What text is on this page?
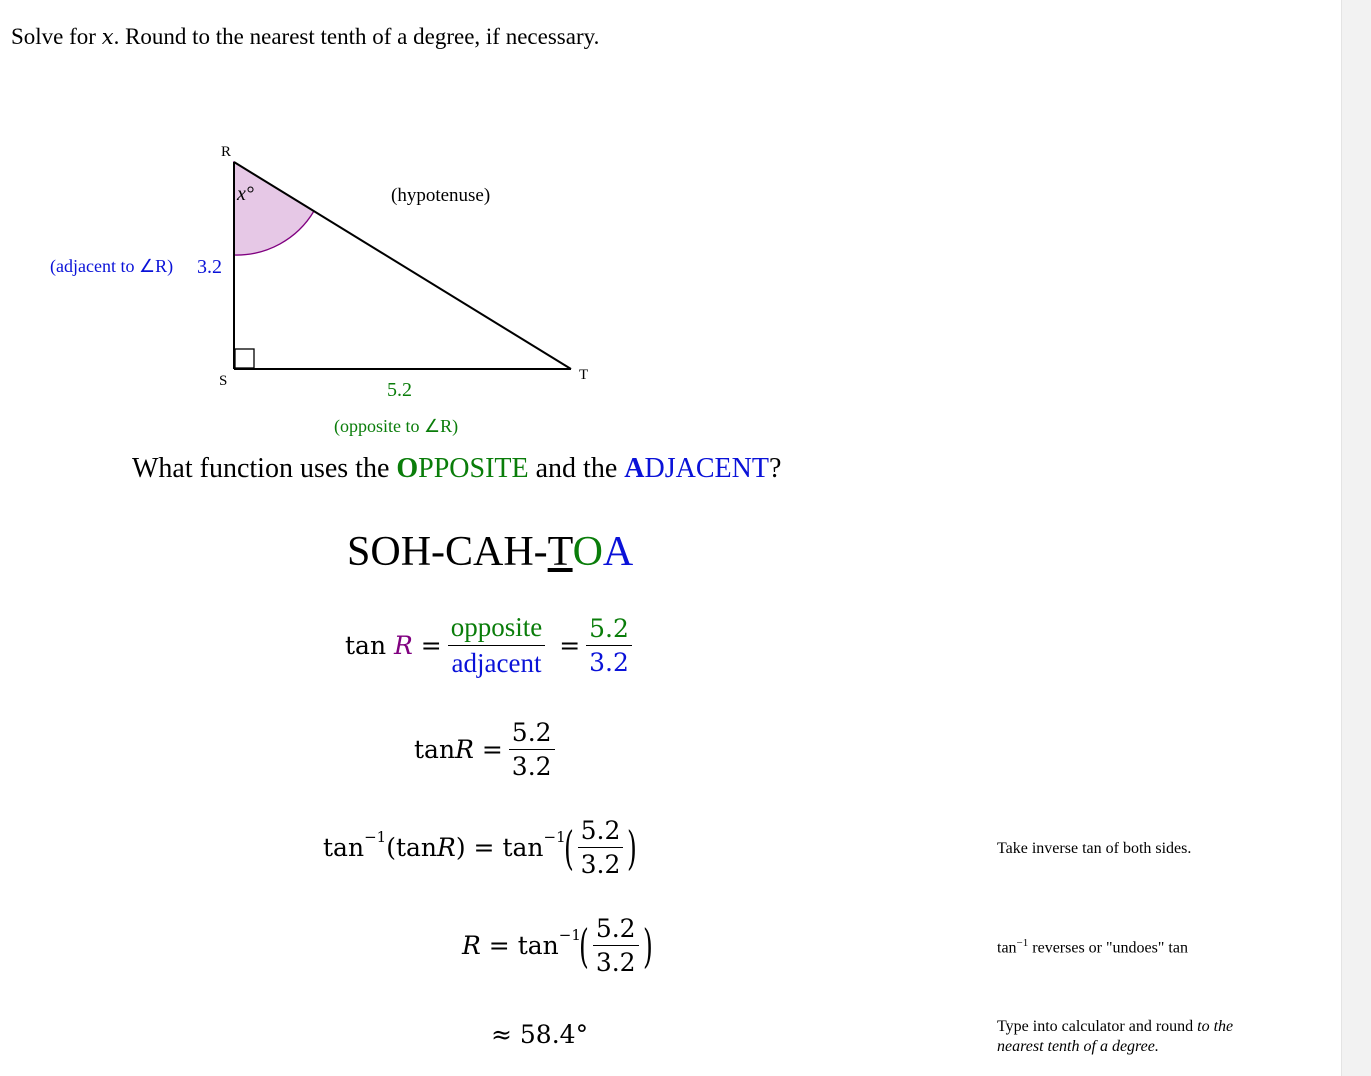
Solve for x. Round to the nearest tenth of a degree, if necessary.
R
S	T
x°	(hypotenuse)
(adjacent to ∠R) 3.2
5.2
(opposite to ∠R)
What function uses the OPPOSITE and the ADJACENT?
SOH-CAH-TOA
tan
R
= $\frac{\text{opposite}}{\text{adjacent}}$
= $\frac{5.2}{3.2}$
tan R
= $\frac{5.2}{3.2}$
$\tan^{-1} (\tan$ R )
=
$\tan^{-1}$
( $\frac{5.2}{3.2}$ )
R
=
$\tan^{-1}$
( $\frac{5.2}{3.2}$ )
≈
58.4°
Take inverse tan of both sides.
$\tan^{-1}$ reverses or "undoes" tan
Type into calculator and round to the
nearest tenth of a degree.
